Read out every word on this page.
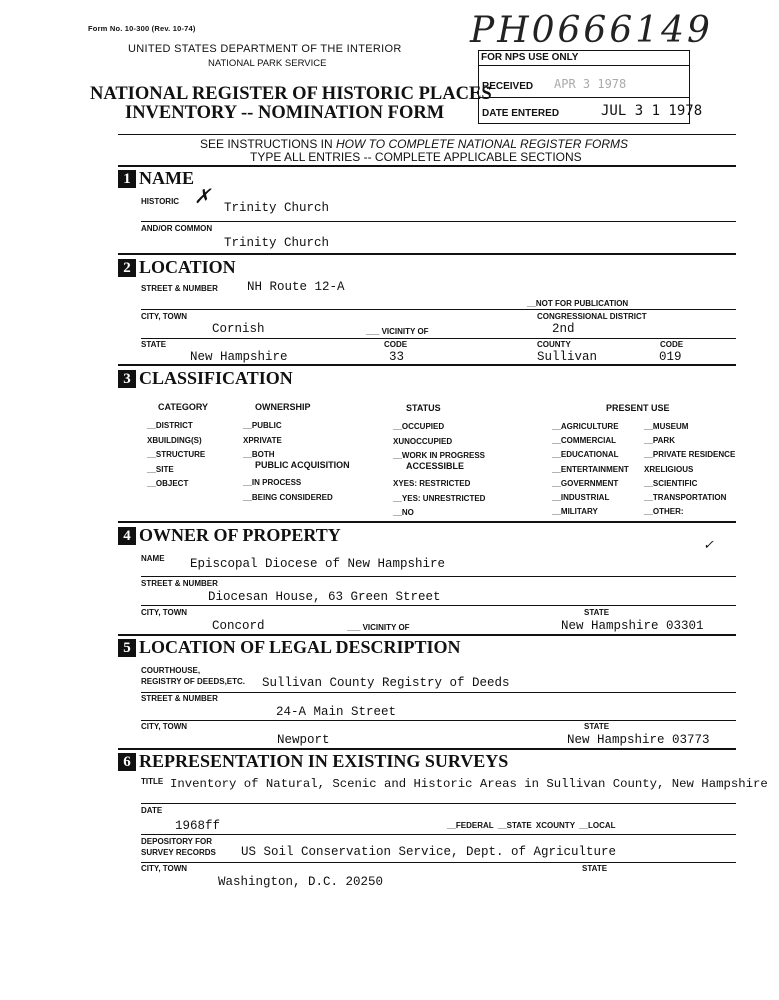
Form No. 10-300 (Rev. 10-74)
UNITED STATES DEPARTMENT OF THE INTERIOR
NATIONAL PARK SERVICE
NATIONAL REGISTER OF HISTORIC PLACES
INVENTORY -- NOMINATION FORM
PH0666149
FOR NPS USE ONLY
RECEIVED APR 3 1978
DATE ENTERED	JUL 3 1 1978
SEE INSTRUCTIONS IN HOW TO COMPLETE NATIONAL REGISTER FORMS
TYPE ALL ENTRIES -- COMPLETE APPLICABLE SECTIONS
1 NAME
HISTORIC ✗ Trinity Church
AND/OR COMMON
Trinity Church
2 LOCATION
STREET & NUMBER NH Route 12-A
__NOT FOR PUBLICATION
CITY, TOWN
Cornish	___ VICINITY OF
CONGRESSIONAL DISTRICT
2nd
STATE
New Hampshire
CODE
33
COUNTY
Sullivan
CODE
019
3 CLASSIFICATION
CATEGORY	OWNERSHIP	STATUS	PRESENT USE
__DISTRICT
XBUILDING(S)
__STRUCTURE
__SITE
__OBJECT
__PUBLIC
XPRIVATE
__BOTH
PUBLIC ACQUISITION
__IN PROCESS
__BEING CONSIDERED
__OCCUPIED
XUNOCCUPIED
__WORK IN PROGRESS
ACCESSIBLE
XYES: RESTRICTED
__YES: UNRESTRICTED
__NO
__AGRICULTURE
__COMMERCIAL
__EDUCATIONAL
__ENTERTAINMENT
__GOVERNMENT
__INDUSTRIAL
__MILITARY
__MUSEUM
__PARK
__PRIVATE RESIDENCE
XRELIGIOUS
__SCIENTIFIC
__TRANSPORTATION
__OTHER:
4 OWNER OF PROPERTY
NAME Episcopal Diocese of New Hampshire
✓
STREET & NUMBER
Diocesan House, 63 Green Street
CITY, TOWN
Concord	___ VICINITY OF
STATE
New Hampshire 03301
5 LOCATION OF LEGAL DESCRIPTION
COURTHOUSE,
REGISTRY OF DEEDS,ETC. Sullivan County Registry of Deeds
STREET & NUMBER
24-A Main Street
CITY, TOWN
Newport
STATE
New Hampshire 03773
6 REPRESENTATION IN EXISTING SURVEYS
TITLE Inventory of Natural, Scenic and Historic Areas in Sullivan County, New Hampshire
DATE
1968ff	__FEDERAL __STATE XCOUNTY __LOCAL
DEPOSITORY FOR
SURVEY RECORDS US Soil Conservation Service, Dept. of Agriculture
CITY, TOWN
Washington, D.C. 20250
STATE
